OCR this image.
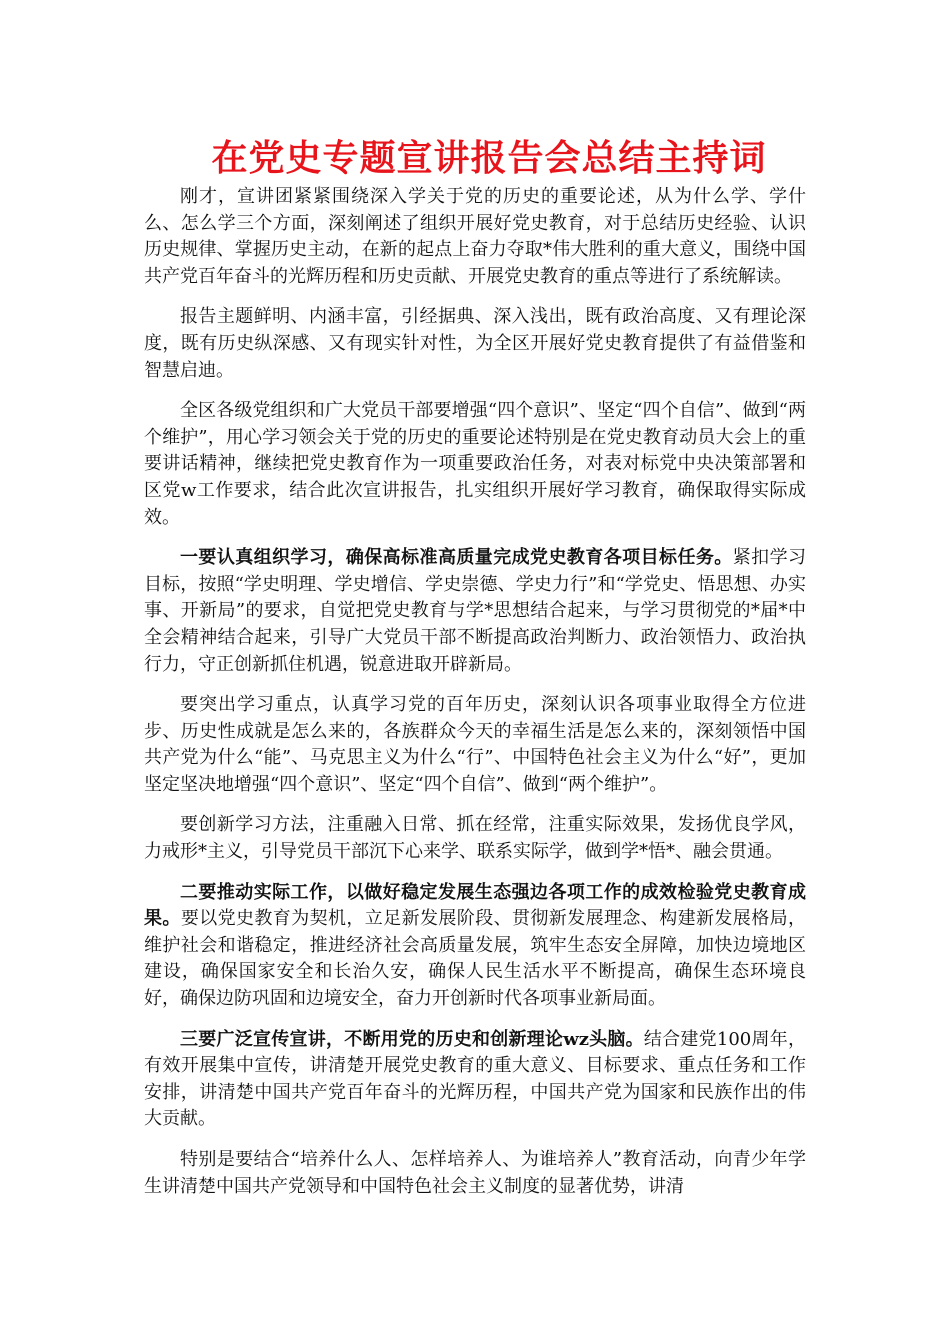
在党史专题宣讲报告会总结主持词

刚才，宣讲团紧紧围绕深入学关于党的历史的重要论述，从为什么学、学什么、怎么学三个方面，深刻阐述了组织开展好党史教育，对于总结历史经验、认识历史规律、掌握历史主动，在新的起点上奋力夺取*伟大胜利的重大意义，围绕中国共产党百年奋斗的光辉历程和历史贡献、开展党史教育的重点等进行了系统解读。

报告主题鲜明、内涵丰富，引经据典、深入浅出，既有政治高度、又有理论深度，既有历史纵深感、又有现实针对性，为全区开展好党史教育提供了有益借鉴和智慧启迪。

全区各级党组织和广大党员干部要增强“四个意识”、坚定“四个自信”、做到“两个维护”，用心学习领会关于党的历史的重要论述特别是在党史教育动员大会上的重要讲话精神，继续把党史教育作为一项重要政治任务，对表对标党中央决策部署和区党w工作要求，结合此次宣讲报告，扎实组织开展好学习教育，确保取得实际成效。

一要认真组织学习，确保高标准高质量完成党史教育各项目标任务。紧扣学习目标，按照“学史明理、学史增信、学史崇德、学史力行”和“学党史、悟思想、办实事、开新局”的要求，自觉把党史教育与学*思想结合起来，与学习贯彻党的*届*中全会精神结合起来，引导广大党员干部不断提高政治判断力、政治领悟力、政治执行力，守正创新抓住机遇，锐意进取开辟新局。

要突出学习重点，认真学习党的百年历史，深刻认识各项事业取得全方位进步、历史性成就是怎么来的，各族群众今天的幸福生活是怎么来的，深刻领悟中国共产党为什么“能”、马克思主义为什么“行”、中国特色社会主义为什么“好”，更加坚定坚决地增强“四个意识”、坚定“四个自信”、做到“两个维护”。

要创新学习方法，注重融入日常、抓在经常，注重实际效果，发扬优良学风，力戒形*主义，引导党员干部沉下心来学、联系实际学，做到学*悟*、融会贯通。

二要推动实际工作，以做好稳定发展生态强边各项工作的成效检验党史教育成果。要以党史教育为契机，立足新发展阶段、贯彻新发展理念、构建新发展格局，维护社会和谐稳定，推进经济社会高质量发展，筑牢生态安全屏障，加快边境地区建设，确保国家安全和长治久安，确保人民生活水平不断提高，确保生态环境良好，确保边防巩固和边境安全，奋力开创新时代各项事业新局面。

三要广泛宣传宣讲，不断用党的历史和创新理论wz头脑。结合建党100周年，有效开展集中宣传，讲清楚开展党史教育的重大意义、目标要求、重点任务和工作安排，讲清楚中国共产党百年奋斗的光辉历程，中国共产党为国家和民族作出的伟大贡献。

特别是要结合“培养什么人、怎样培养人、为谁培养人”教育活动，向青少年学生讲清楚中国共产党领导和中国特色社会主义制度的显著优势，讲清
